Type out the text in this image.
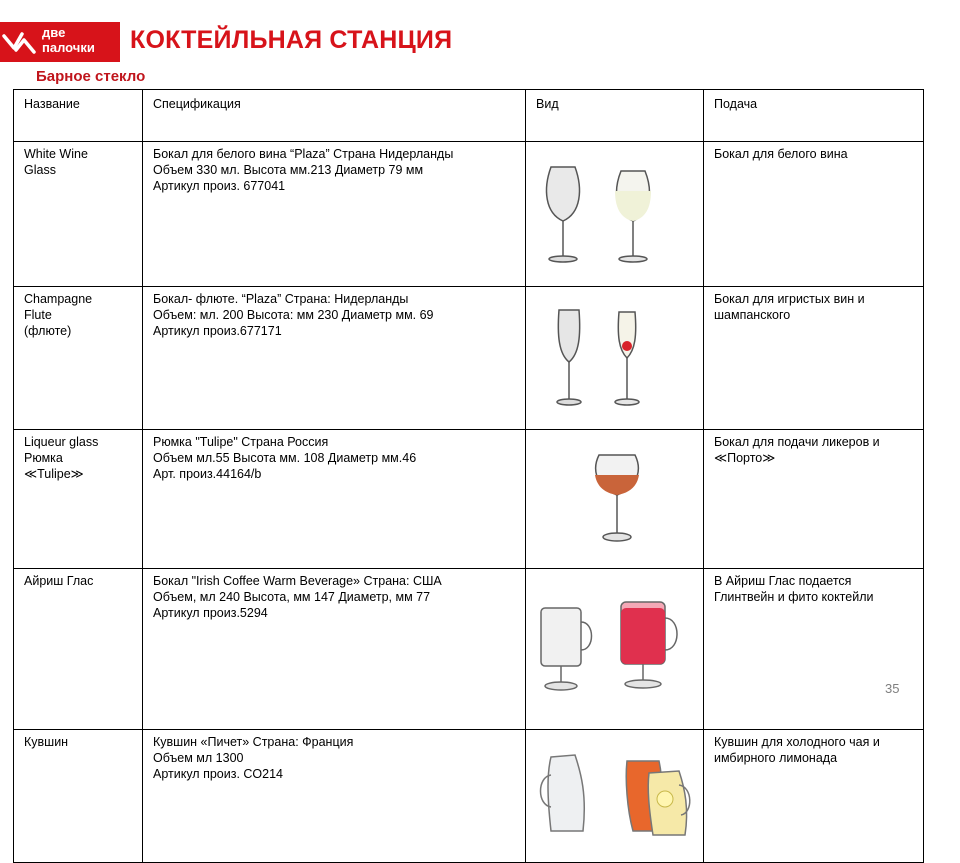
две
палочки КОКТЕЙЛЬНАЯ СТАНЦИЯ
Барное стекло
Название	Спецификация	Вид	Подача
White Wine
Glass	Бокал для белого вина “Plaza” Страна Нидерланды
Объем 330 мл. Высота мм.213 Диаметр 79 мм
Артикул произ. 677041		Бокал для белого вина
Champagne
Flute
(флюте)	Бокал- флюте. “Plaza” Страна: Нидерланды
Объем: мл. 200 Высота: мм 230 Диаметр мм. 69
Артикул произ.677171		Бокал для игристых вин и
шампанского
Liqueur glass
Рюмка
≪Tulipe≫	Рюмка "Tulipe" Страна Россия
Объем мл.55 Высота мм. 108 Диаметр мм.46
Арт. произ.44164/b		Бокал для подачи ликеров и
≪Порто≫
Айриш Глас	Бокал "Irish Coffee Warm Beverage» Страна: США
Объем, мл 240 Высота, мм 147 Диаметр, мм 77
Артикул произ.5294		В Айриш Глас подается
Глинтвейн и фито коктейли
Кувшин	Кувшин «Пичет» Страна: Франция
Объем мл 1300
Артикул произ. CO214		Кувшин для холодного чая и
имбирного лимонада
35
